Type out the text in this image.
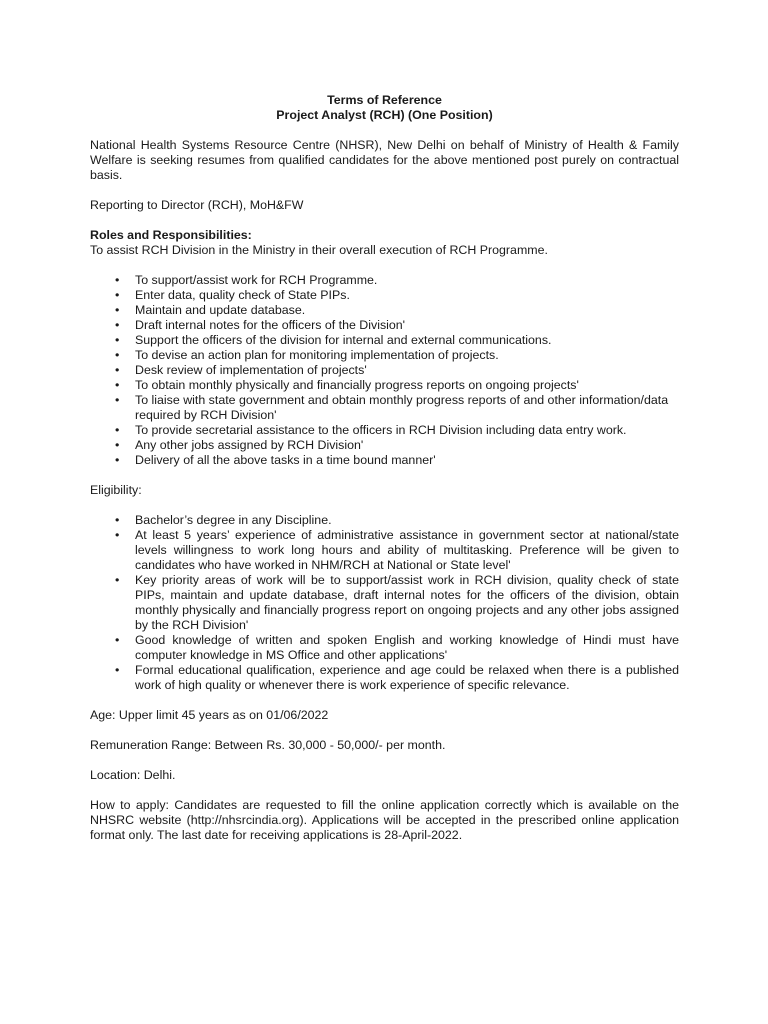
Terms of Reference

Project Analyst (RCH) (One Position)

National Health Systems Resource Centre (NHSR), New Delhi on behalf of Ministry of Health & Family Welfare is seeking resumes from qualified candidates for the above mentioned post purely on contractual basis.

Reporting to Director (RCH), MoH&FW

Roles and Responsibilities:

To assist RCH Division in the Ministry in their overall execution of RCH Programme.

• To support/assist work for RCH Programme.
• Enter data, quality check of State PIPs.
• Maintain and update database.
• Draft internal notes for the officers of the Division'
• Support the officers of the division for internal and external communications.
• To devise an action plan for monitoring implementation of projects.
• Desk review of implementation of projects'
• To obtain monthly physically and financially progress reports on ongoing projects'
• To liaise with state government and obtain monthly progress reports of and other information/data required by RCH Division'
• To provide secretarial assistance to the officers in RCH Division including data entry work.
• Any other jobs assigned by RCH Division'
• Delivery of all the above tasks in a time bound manner'

Eligibility:

• Bachelor’s degree in any Discipline.
• At least 5 years’ experience of administrative assistance in government sector at national/state levels willingness to work long hours and ability of multitasking. Preference will be given to candidates who have worked in NHM/RCH at National or State level'
• Key priority areas of work will be to support/assist work in RCH division, quality check of state PIPs, maintain and update database, draft internal notes for the officers of the division, obtain monthly physically and financially progress report on ongoing projects and any other jobs assigned by the RCH Division'
• Good knowledge of written and spoken English and working knowledge of Hindi must have computer knowledge in MS Office and other applications'
• Formal educational qualification, experience and age could be relaxed when there is a published work of high quality or whenever there is work experience of specific relevance.

Age: Upper limit 45 years as on 01/06/2022

Remuneration Range: Between Rs. 30,000 - 50,000/- per month.

Location: Delhi.

How to apply: Candidates are requested to fill the online application correctly which is available on the NHSRC website (http://nhsrcindia.org). Applications will be accepted in the prescribed online application format only. The last date for receiving applications is 28-April-2022.
